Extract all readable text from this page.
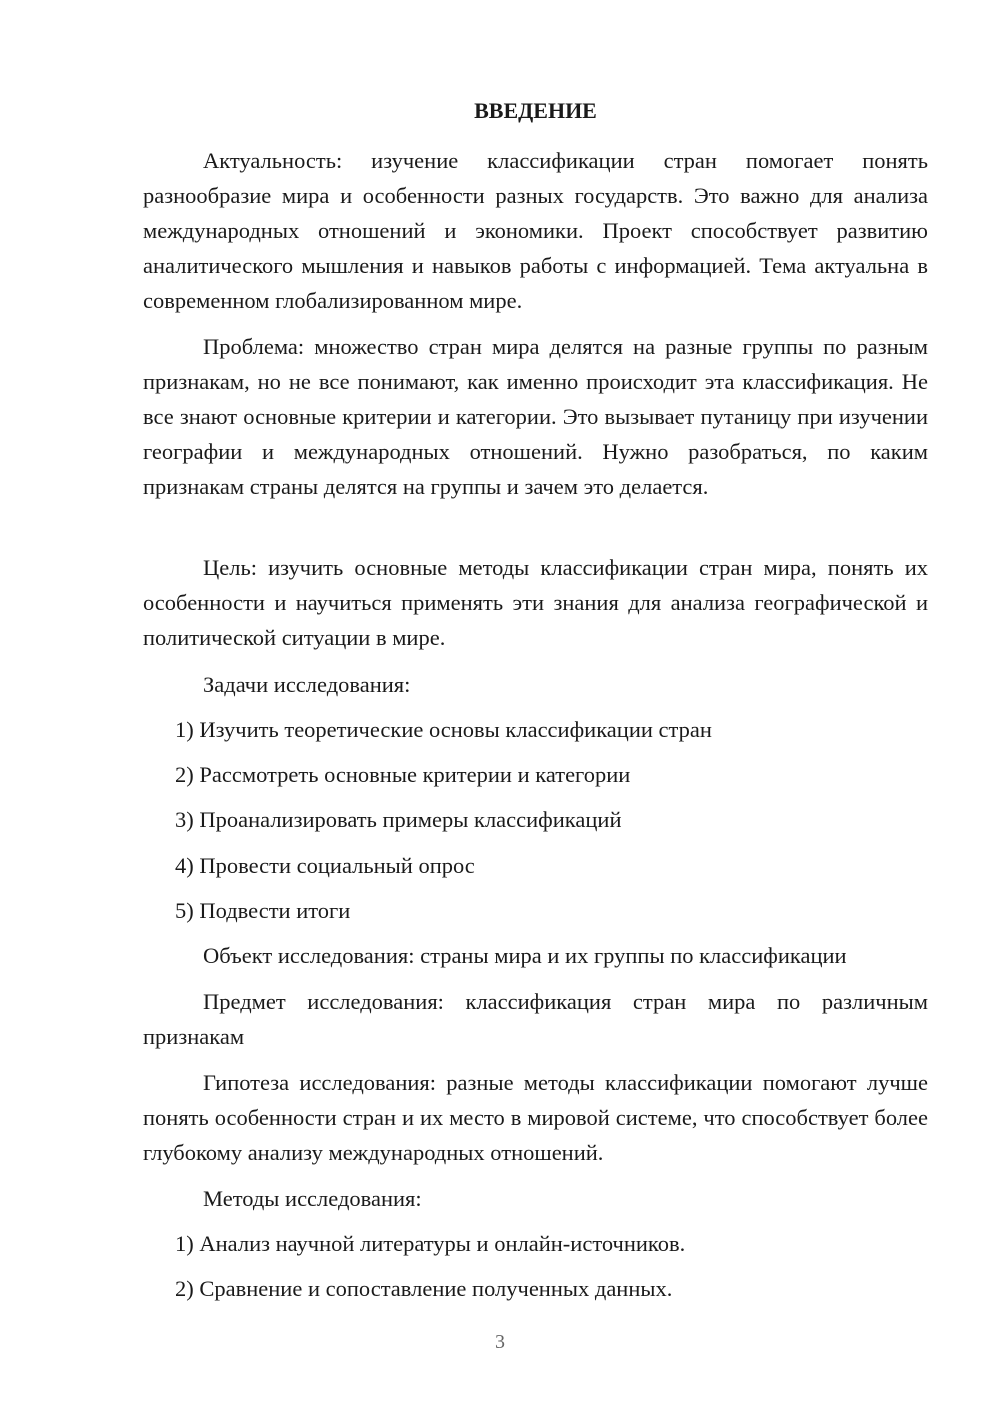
ВВЕДЕНИЕ

Актуальность: изучение классификации стран помогает понять разнообразие мира и особенности разных государств. Это важно для анализа международных отношений и экономики. Проект способствует развитию аналитического мышления и навыков работы с информацией. Тема актуальна в современном глобализированном мире.

Проблема: множество стран мира делятся на разные группы по разным признакам, но не все понимают, как именно происходит эта классификация. Не все знают основные критерии и категории. Это вызывает путаницу при изучении географии и международных отношений. Нужно разобраться, по каким признакам страны делятся на группы и зачем это делается.

Цель: изучить основные методы классификации стран мира, понять их особенности и научиться применять эти знания для анализа географической и политической ситуации в мире.

Задачи исследования:
1) Изучить теоретические основы классификации стран
2) Рассмотреть основные критерии и категории
3) Проанализировать примеры классификаций
4) Провести социальный опрос
5) Подвести итоги
Объект исследования: страны мира и их группы по классификации

Предмет исследования: классификация стран мира по различным признакам

Гипотеза исследования: разные методы классификации помогают лучше понять особенности стран и их место в мировой системе, что способствует более глубокому анализу международных отношений.

Методы исследования:
1) Анализ научной литературы и онлайн-источников.
2) Сравнение и сопоставление полученных данных.
3
